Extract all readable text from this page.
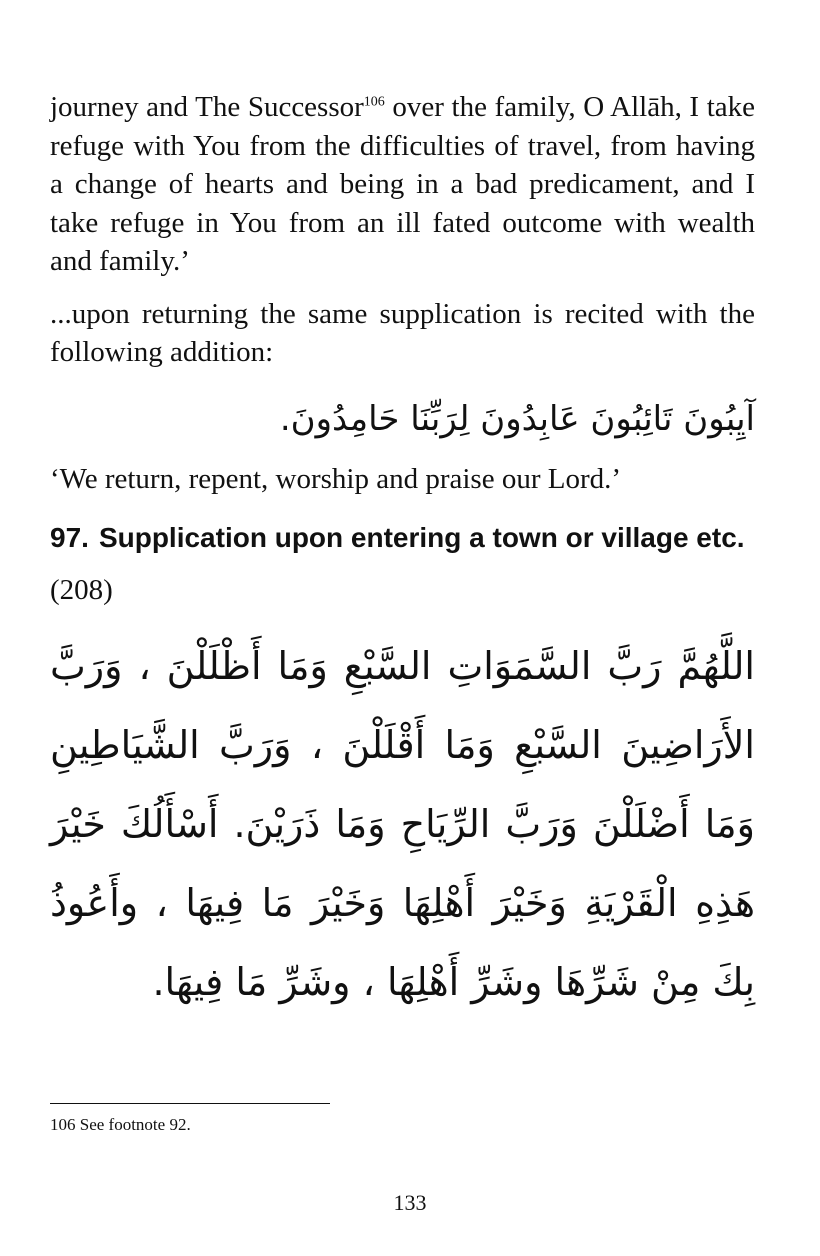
journey and The Successor$^{106}$ over the family, O Allāh, I take refuge with You from the difficulties of travel, from having a change of hearts and being in a bad predicament, and I take refuge in You from an ill fated outcome with wealth and family.’

...upon returning the same supplication is recited with the following addition:

آيِبُونَ تَائِبُونَ عَابِدُونَ لِرَبِّنَا حَامِدُونَ.

‘We return, repent, worship and praise our Lord.’

97. Supplication upon entering a town or village etc.

(208)

اللَّهُمَّ رَبَّ السَّمَوَاتِ السَّبْعِ وَمَا أَظْلَلْنَ ، وَرَبَّ الأَرَاضِينَ السَّبْعِ وَمَا أَقْلَلْنَ ، وَرَبَّ الشَّيَاطِينِ وَمَا أَضْلَلْنَ وَرَبَّ الرِّيَاحِ وَمَا ذَرَيْنَ. أَسْأَلُكَ خَيْرَ هَذِهِ الْقَرْيَةِ وَخَيْرَ أَهْلِهَا وَخَيْرَ مَا فِيهَا ، وأَعُوذُ بِكَ مِنْ شَرِّهَا وشَرِّ أَهْلِهَا ، وشَرِّ مَا فِيهَا.

106 See footnote 92.
133
